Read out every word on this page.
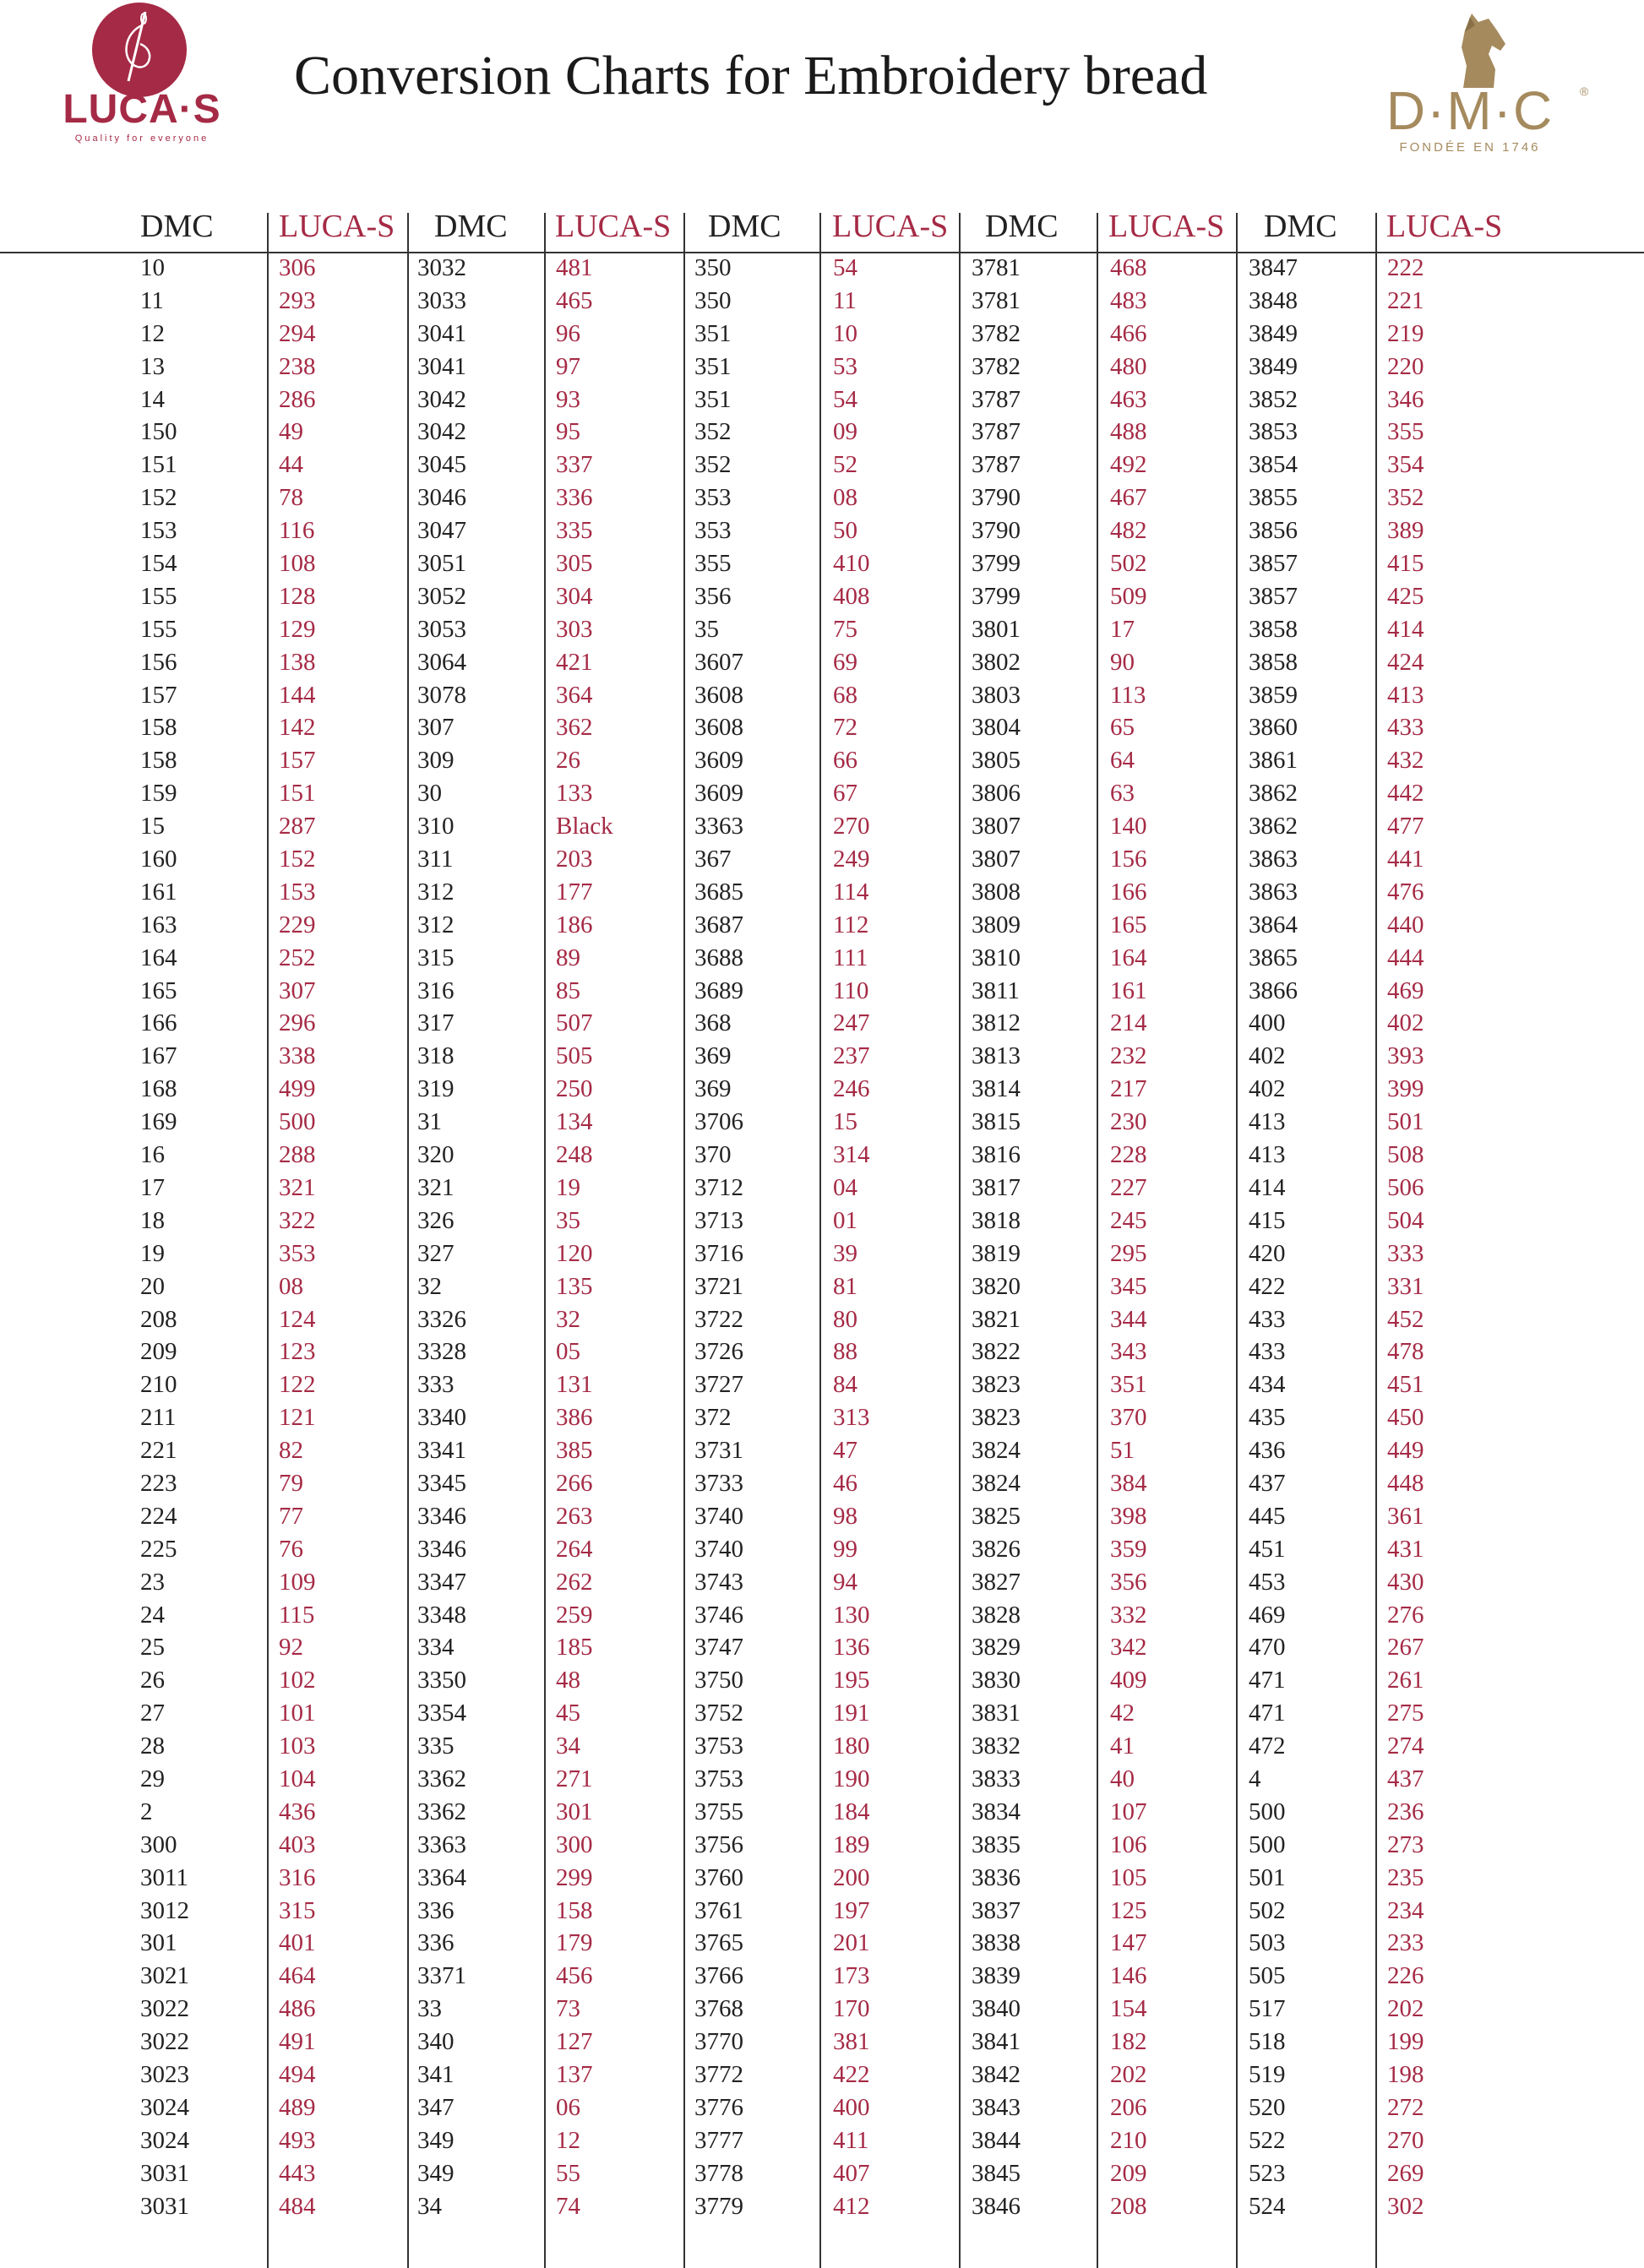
LUCA·S
Quality for everyone
Conversion Charts for Embroidery bread
D·M·C	®
FONDÉE EN 1746
DMC LUCA-S DMC LUCA-S DMC LUCA-S DMC LUCA-S DMC LUCA-S
10
11
12
13
14
150
151
152
153
154
155
155
156
157
158
158
159
15
160
161
163
164
165
166
167
168
169
16
17
18
19
20
208
209
210
211
221
223
224
225
23
24
25
26
27
28
29
2
300
3011
3012
301
3021
3022
3022
3023
3024
3024
3031
3031
306
293
294
238
286
49
44
78
116
108
128
129
138
144
142
157
151
287
152
153
229
252
307
296
338
499
500
288
321
322
353
08
124
123
122
121
82
79
77
76
109
115
92
102
101
103
104
436
403
316
315
401
464
486
491
494
489
493
443
484
3032
3033
3041
3041
3042
3042
3045
3046
3047
3051
3052
3053
3064
3078
307
309
30
310
311
312
312
315
316
317
318
319
31
320
321
326
327
32
3326
3328
333
3340
3341
3345
3346
3346
3347
3348
334
3350
3354
335
3362
3362
3363
3364
336
336
3371
33
340
341
347
349
349
34
481
465
96
97
93
95
337
336
335
305
304
303
421
364
362
26
133
Black
203
177
186
89
85
507
505
250
134
248
19
35
120
135
32
05
131
386
385
266
263
264
262
259
185
48
45
34
271
301
300
299
158
179
456
73
127
137
06
12
55
74
350
350
351
351
351
352
352
353
353
355
356
35
3607
3608
3608
3609
3609
3363
367
3685
3687
3688
3689
368
369
369
3706
370
3712
3713
3716
3721
3722
3726
3727
372
3731
3733
3740
3740
3743
3746
3747
3750
3752
3753
3753
3755
3756
3760
3761
3765
3766
3768
3770
3772
3776
3777
3778
3779
54
11
10
53
54
09
52
08
50
410
408
75
69
68
72
66
67
270
249
114
112
111
110
247
237
246
15
314
04
01
39
81
80
88
84
313
47
46
98
99
94
130
136
195
191
180
190
184
189
200
197
201
173
170
381
422
400
411
407
412
3781
3781
3782
3782
3787
3787
3787
3790
3790
3799
3799
3801
3802
3803
3804
3805
3806
3807
3807
3808
3809
3810
3811
3812
3813
3814
3815
3816
3817
3818
3819
3820
3821
3822
3823
3823
3824
3824
3825
3826
3827
3828
3829
3830
3831
3832
3833
3834
3835
3836
3837
3838
3839
3840
3841
3842
3843
3844
3845
3846
468
483
466
480
463
488
492
467
482
502
509
17
90
113
65
64
63
140
156
166
165
164
161
214
232
217
230
228
227
245
295
345
344
343
351
370
51
384
398
359
356
332
342
409
42
41
40
107
106
105
125
147
146
154
182
202
206
210
209
208
3847
3848
3849
3849
3852
3853
3854
3855
3856
3857
3857
3858
3858
3859
3860
3861
3862
3862
3863
3863
3864
3865
3866
400
402
402
413
413
414
415
420
422
433
433
434
435
436
437
445
451
453
469
470
471
471
472
4
500
500
501
502
503
505
517
518
519
520
522
523
524
222
221
219
220
346
355
354
352
389
415
425
414
424
413
433
432
442
477
441
476
440
444
469
402
393
399
501
508
506
504
333
331
452
478
451
450
449
448
361
431
430
276
267
261
275
274
437
236
273
235
234
233
226
202
199
198
272
270
269
302
